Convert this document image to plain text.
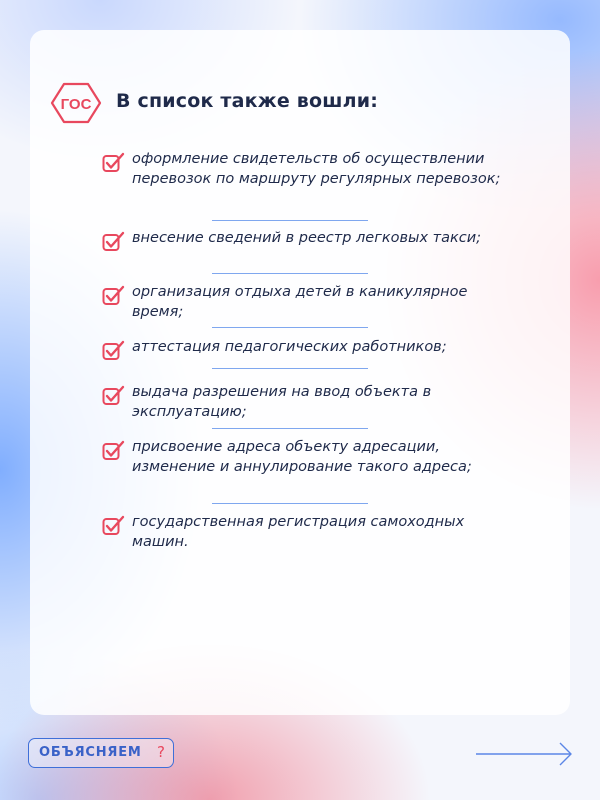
ГОС В список также вошли:
оформление свидетельств об осуществлении перевозок по маршруту регулярных перевозок;
внесение сведений в реестр легковых такси;
организация отдыха детей в каникулярное время;
аттестация педагогических работников;
выдача разрешения на ввод объекта в эксплуатацию;
присвоение адреса объекту адресации, изменение и аннулирование такого адреса;
государственная регистрация самоходных машин.
ОБЪЯСНЯЕМ ?
